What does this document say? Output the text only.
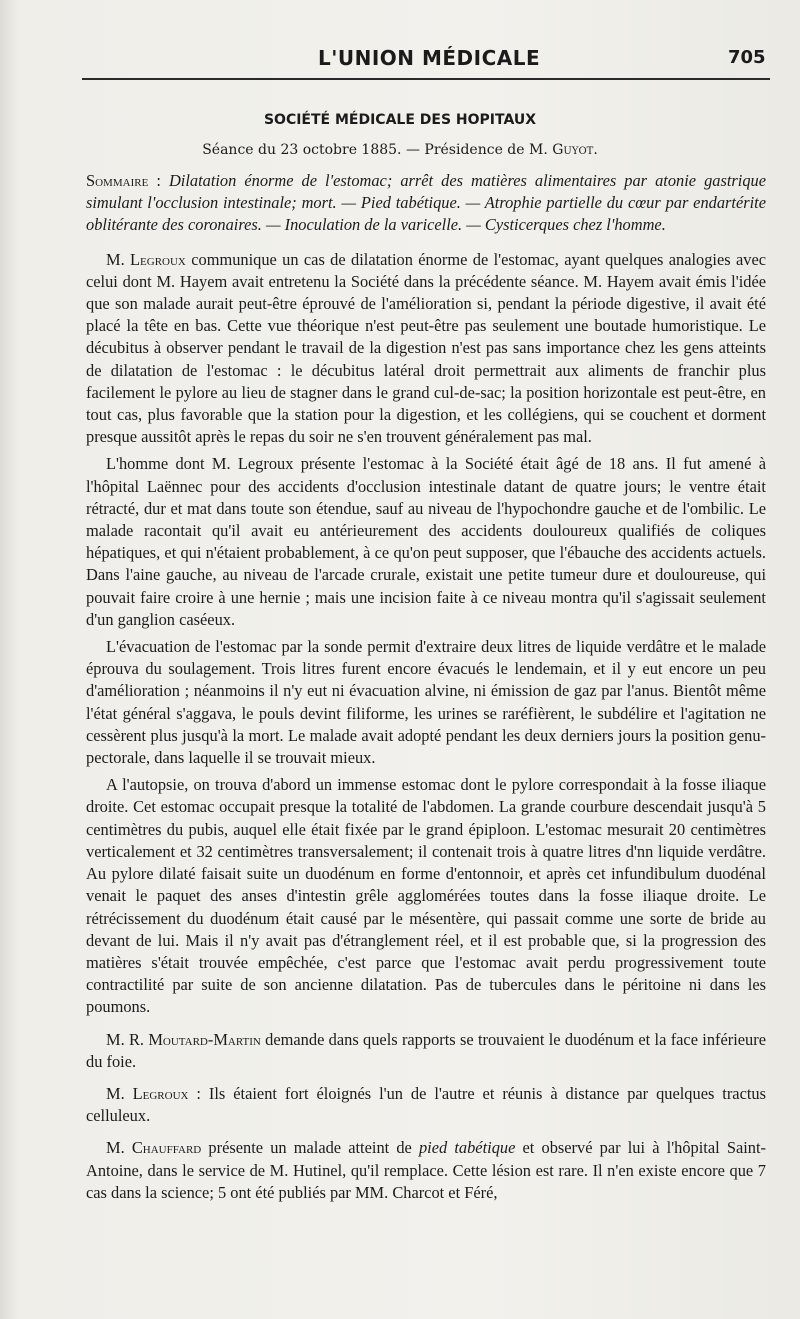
L'UNION MÉDICALE	705
SOCIÉTÉ MÉDICALE DES HOPITAUX
Séance du 23 octobre 1885. — Présidence de M. Guyot.

Sommaire : Dilatation énorme de l'estomac; arrêt des matières alimentaires par atonie gastrique simulant l'occlusion intestinale; mort. — Pied tabétique. — Atrophie partielle du cœur par endartérite oblitérante des coronaires. — Inoculation de la varicelle. — Cysticerques chez l'homme.

M. Legroux communique un cas de dilatation énorme de l'estomac, ayant quelques analogies avec celui dont M. Hayem avait entretenu la Société dans la précédente séance. M. Hayem avait émis l'idée que son malade aurait peut-être éprouvé de l'amélioration si, pendant la période digestive, il avait été placé la tête en bas. Cette vue théorique n'est peut-être pas seulement une boutade humoristique. Le décubitus à observer pendant le travail de la digestion n'est pas sans importance chez les gens atteints de dilatation de l'estomac : le décubitus latéral droit permettrait aux aliments de franchir plus facilement le pylore au lieu de stagner dans le grand cul-de-sac; la position horizontale est peut-être, en tout cas, plus favorable que la station pour la digestion, et les collégiens, qui se couchent et dorment presque aussitôt après le repas du soir ne s'en trouvent généralement pas mal.

L'homme dont M. Legroux présente l'estomac à la Société était âgé de 18 ans. Il fut amené à l'hôpital Laënnec pour des accidents d'occlusion intestinale datant de quatre jours; le ventre était rétracté, dur et mat dans toute son étendue, sauf au niveau de l'hypochondre gauche et de l'ombilic. Le malade racontait qu'il avait eu antérieurement des accidents douloureux qualifiés de coliques hépatiques, et qui n'étaient probablement, à ce qu'on peut supposer, que l'ébauche des accidents actuels. Dans l'aine gauche, au niveau de l'arcade crurale, existait une petite tumeur dure et douloureuse, qui pouvait faire croire à une hernie ; mais une incision faite à ce niveau montra qu'il s'agissait seulement d'un ganglion caséeux.

L'évacuation de l'estomac par la sonde permit d'extraire deux litres de liquide verdâtre et le malade éprouva du soulagement. Trois litres furent encore évacués le lendemain, et il y eut encore un peu d'amélioration ; néanmoins il n'y eut ni évacuation alvine, ni émission de gaz par l'anus. Bientôt même l'état général s'aggava, le pouls devint filiforme, les urines se raréfièrent, le subdélire et l'agitation ne cessèrent plus jusqu'à la mort. Le malade avait adopté pendant les deux derniers jours la position genu-pectorale, dans laquelle il se trouvait mieux.

A l'autopsie, on trouva d'abord un immense estomac dont le pylore correspondait à la fosse iliaque droite. Cet estomac occupait presque la totalité de l'abdomen. La grande courbure descendait jusqu'à 5 centimètres du pubis, auquel elle était fixée par le grand épiploon. L'estomac mesurait 20 centimètres verticalement et 32 centimètres transversalement; il contenait trois à quatre litres d'nn liquide verdâtre. Au pylore dilaté faisait suite un duodénum en forme d'entonnoir, et après cet infundibulum duodénal venait le paquet des anses d'intestin grêle agglomérées toutes dans la fosse iliaque droite. Le rétrécissement du duodénum était causé par le mésentère, qui passait comme une sorte de bride au devant de lui. Mais il n'y avait pas d'étranglement réel, et il est probable que, si la progression des matières s'était trouvée empêchée, c'est parce que l'estomac avait perdu progressivement toute contractilité par suite de son ancienne dilatation. Pas de tubercules dans le péritoine ni dans les poumons.

M. R. Moutard-Martin demande dans quels rapports se trouvaient le duodénum et la face inférieure du foie.

M. Legroux : Ils étaient fort éloignés l'un de l'autre et réunis à distance par quelques tractus celluleux.

M. Chauffard présente un malade atteint de pied tabétique et observé par lui à l'hôpital Saint-Antoine, dans le service de M. Hutinel, qu'il remplace. Cette lésion est rare. Il n'en existe encore que 7 cas dans la science; 5 ont été publiés par MM. Charcot et Féré,
